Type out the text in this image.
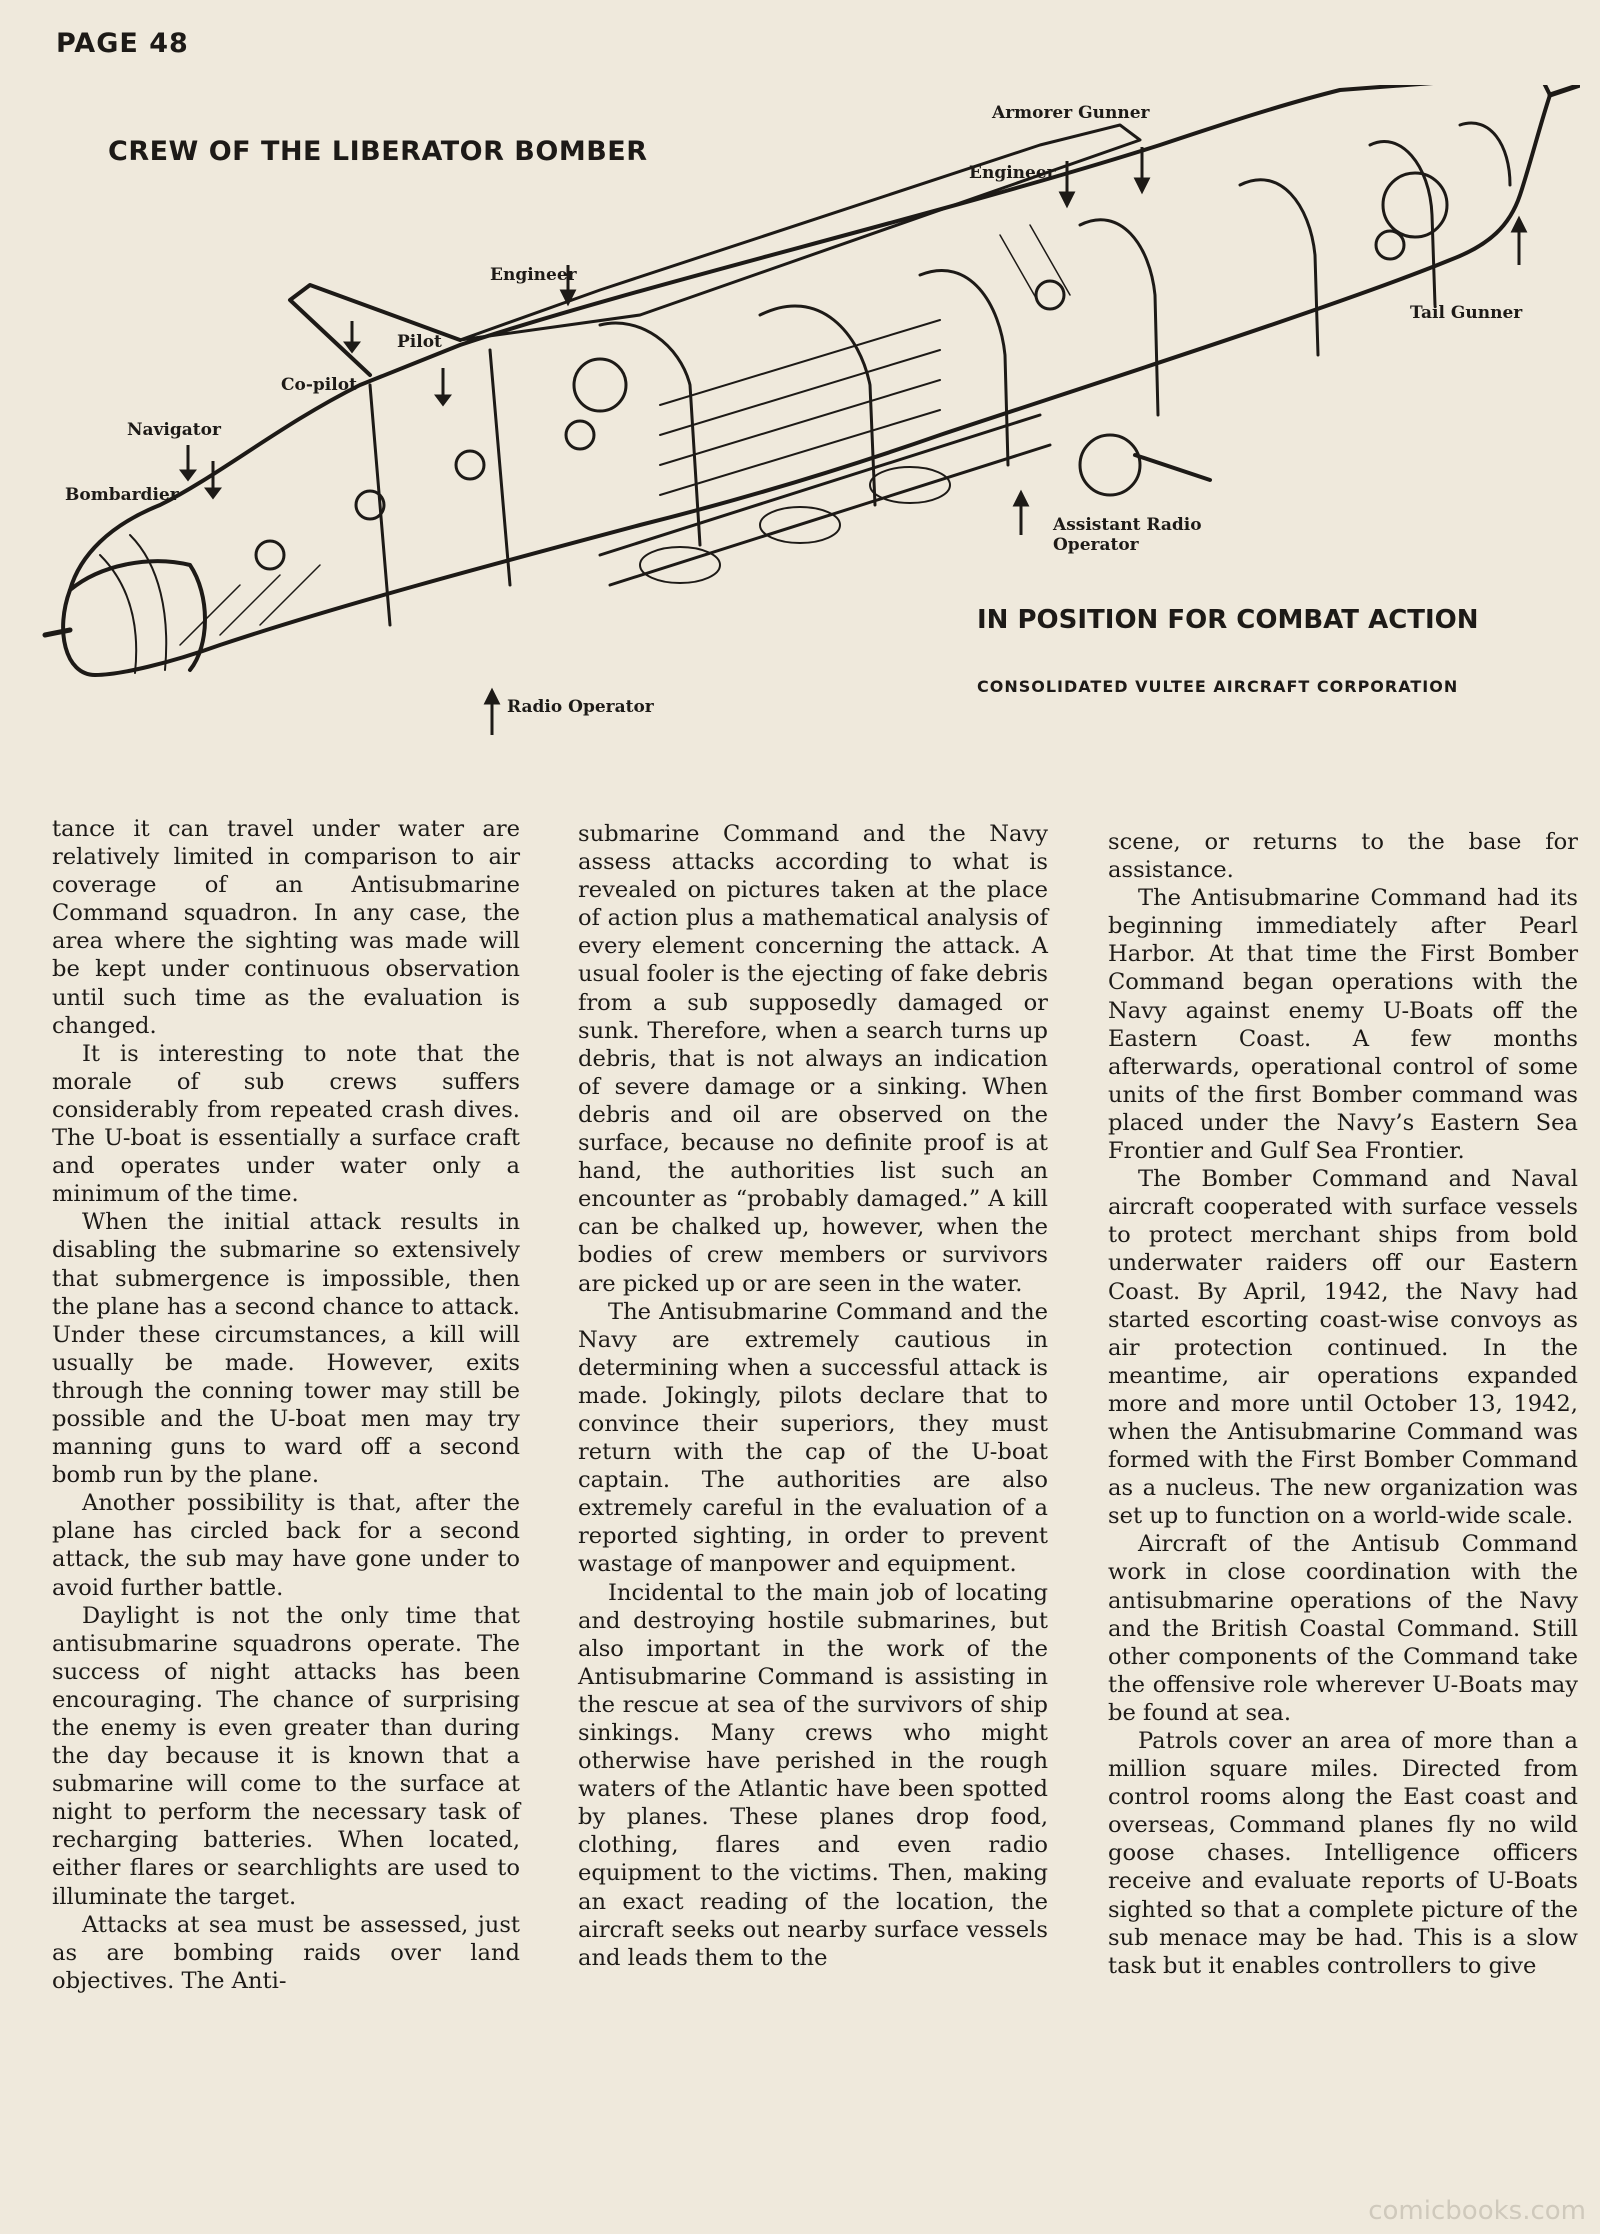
PAGE 48
Armorer Gunner
Engineer
Engineer
Pilot
Co-pilot
Navigator
Bombardier
Tail Gunner
Assistant Radio
Operator
Radio Operator
CREW OF THE LIBERATOR BOMBER
IN POSITION FOR COMBAT ACTION
CONSOLIDATED VULTEE AIRCRAFT CORPORATION

tance it can travel under water are relatively limited in comparison to air coverage of an Antisubmarine Command squadron. In any case, the area where the sighting was made will be kept under continuous observation until such time as the evaluation is changed.

It is interesting to note that the morale of sub crews suffers considerably from repeated crash dives. The U-boat is essentially a surface craft and operates under water only a minimum of the time.

When the initial attack results in disabling the submarine so extensively that submergence is impossible, then the plane has a second chance to attack. Under these circumstances, a kill will usually be made. However, exits through the conning tower may still be possible and the U-boat men may try manning guns to ward off a second bomb run by the plane.

Another possibility is that, after the plane has circled back for a second attack, the sub may have gone under to avoid further battle.

Daylight is not the only time that antisubmarine squadrons operate. The success of night attacks has been encouraging. The chance of surprising the enemy is even greater than during the day because it is known that a submarine will come to the surface at night to perform the necessary task of recharging batteries. When located, either flares or searchlights are used to illuminate the target.

Attacks at sea must be assessed, just as are bombing raids over land objectives. The Anti-

submarine Command and the Navy assess attacks according to what is revealed on pictures taken at the place of action plus a mathematical analysis of every element concerning the attack. A usual fooler is the ejecting of fake debris from a sub supposedly damaged or sunk. Therefore, when a search turns up debris, that is not always an indication of severe damage or a sinking. When debris and oil are observed on the surface, because no definite proof is at hand, the authorities list such an encounter as “probably damaged.” A kill can be chalked up, however, when the bodies of crew members or survivors are picked up or are seen in the water.

The Antisubmarine Command and the Navy are extremely cautious in determining when a successful attack is made. Jokingly, pilots declare that to convince their superiors, they must return with the cap of the U-boat captain. The authorities are also extremely careful in the evaluation of a reported sighting, in order to prevent wastage of manpower and equipment.

Incidental to the main job of locating and destroying hostile submarines, but also important in the work of the Antisubmarine Command is assisting in the rescue at sea of the survivors of ship sinkings. Many crews who might otherwise have perished in the rough waters of the Atlantic have been spotted by planes. These planes drop food, clothing, flares and even radio equipment to the victims. Then, making an exact reading of the location, the aircraft seeks out nearby surface vessels and leads them to the

scene, or returns to the base for assistance.

The Antisubmarine Command had its beginning immediately after Pearl Harbor. At that time the First Bomber Command began operations with the Navy against enemy U-Boats off the Eastern Coast. A few months afterwards, operational control of some units of the first Bomber command was placed under the Navy’s Eastern Sea Frontier and Gulf Sea Frontier.

The Bomber Command and Naval aircraft cooperated with surface vessels to protect merchant ships from bold underwater raiders off our Eastern Coast. By April, 1942, the Navy had started escorting coast-wise convoys as air protection continued. In the meantime, air operations expanded more and more until October 13, 1942, when the Antisubmarine Command was formed with the First Bomber Command as a nucleus. The new organization was set up to function on a world-wide scale.

Aircraft of the Antisub Command work in close coordination with the antisubmarine operations of the Navy and the British Coastal Command. Still other components of the Command take the offensive role wherever U-Boats may be found at sea.

Patrols cover an area of more than a million square miles. Directed from control rooms along the East coast and overseas, Command planes fly no wild goose chases. Intelligence officers receive and evaluate reports of U-Boats sighted so that a complete picture of the sub menace may be had. This is a slow task but it enables controllers to give

comicbooks.com
